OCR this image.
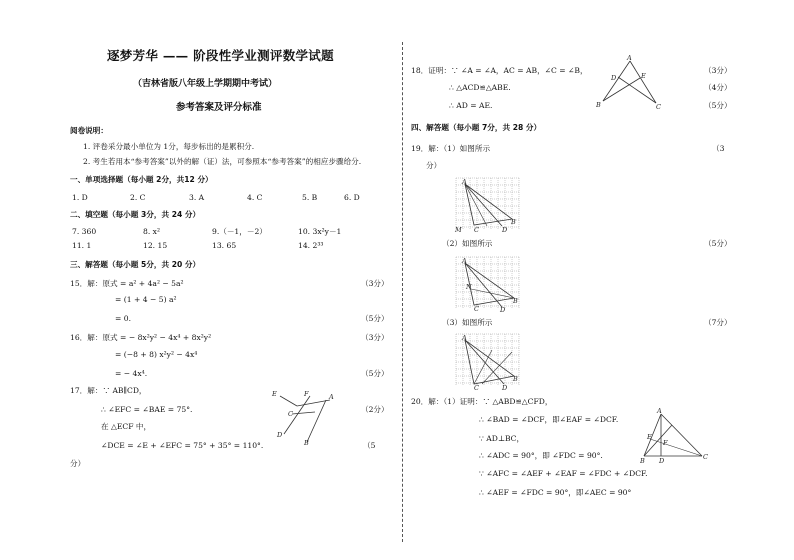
逐梦芳华 —— 阶段性学业测评数学试题
（吉林省版八年级上学期期中考试）
参考答案及评分标准
阅卷说明：
1. 评卷采分最小单位为 1分，每步标出的是累积分.
2. 考生若用本“参考答案”以外的解（证）法，可参照本“参考答案”的相应步骤给分.
一、单项选择题（每小题 2分，共12 分）
1. D	2. C	3. A	4. C	5. B	6. D
二、填空题（每小题 3分，共 24 分）
7. 360	8. x²	9.（－1，－2）	10. 3x²y－1
11. 1	12. 15	13. 65	14. 2³³
三、解答题（每小题 5分，共 20 分）
15．解：原式 = a² + 4a² − 5a²	（3分）
= (1 + 4 − 5) a²
= 0.	（5分）
16．解：原式 = − 8x²y² − 4x⁴ + 8x²y²	（3分）
= (−8 + 8) x²y² − 4x⁴
= − 4x⁴.	（5分）
17．解：∵ AB∥CD，
∴ ∠EFC = ∠BAE = 75°.	（2分）
在 △ECF 中，
∠DCE = ∠E + ∠EFC = 75° + 35° = 110°.	（5
分）
E	F	A
C
D
B
18．证明：∵ ∠A = ∠A，AC = AB，∠C = ∠B，	（3分）
∴ △ACD≌△ABE.	（4分）
∴ AD = AE.	（5分）
A
D	E
B	C
四、解答题（每小题 7分，共 28 分）
19．解：（1）如图所示	（3
分）
A
M C	D
B
（2）如图所示	（5分）
A
N
C
B
D
（3）如图所示	（7分）
A
C
B
D
20．解：（1）证明：∵ △ABD≌△CFD，
∴ ∠BAD = ∠DCF，即∠EAF = ∠DCF.
∵ AD⊥BC，
∴ ∠ADC = 90°，即 ∠FDC = 90°.
∵ ∠AFC = ∠AEF + ∠EAF = ∠FDC + ∠DCF.
∴ ∠AEF = ∠FDC = 90°，即∠AEC = 90°
A
E
F
B D	C
